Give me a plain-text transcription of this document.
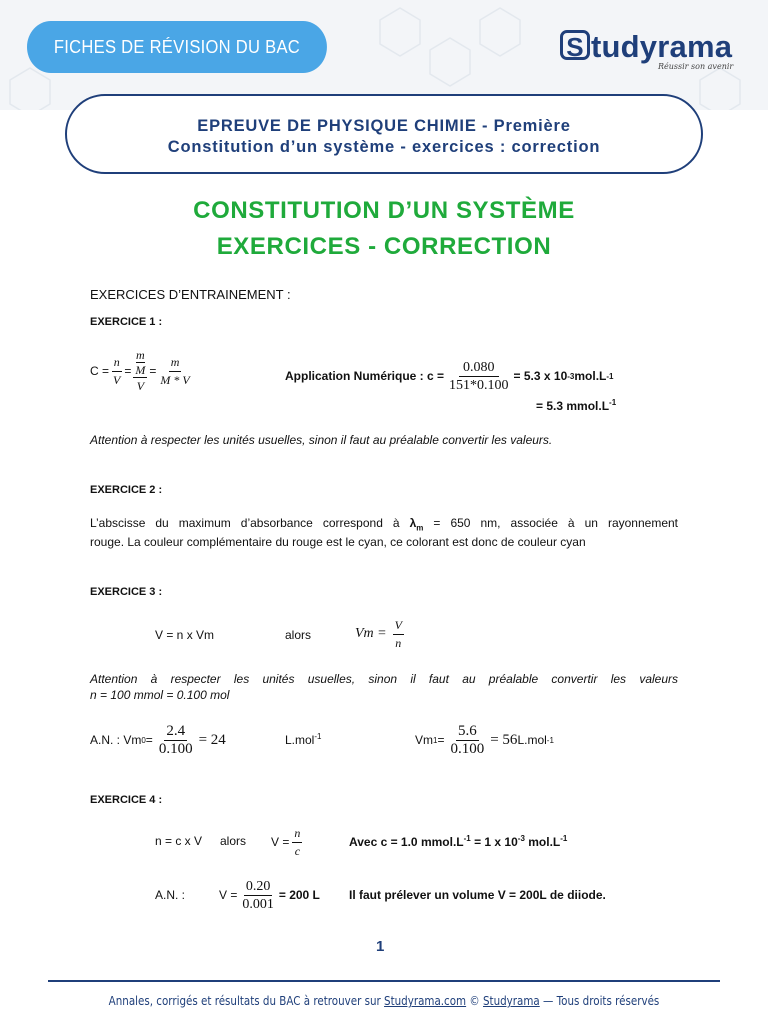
FICHES DE RÉVISION DU BAC	S tudyrama
Réussir son avenir
EPREUVE DE PHYSIQUE CHIMIE - Première
Constitution d’un système - exercices : correction
CONSTITUTION D’UN SYSTÈME
EXERCICES - CORRECTION
EXERCICES D’ENTRAINEMENT :
EXERCICE 1 :
$C = \frac{n}{V} = m$
M
$V = \frac{m}{M * V}$	Application Numérique : $c = \frac{0.080}{151*0.100} = 5.3$ x 10 -3 mol.L -1
= 5.3 $mmol.L^{-1}$
Attention à respecter les unités usuelles, sinon il faut au préalable convertir les valeurs.
EXERCICE 2 :
L’abscisse du maximum d’absorbance correspond à $\lambda_m = 650$ nm, associée à un rayonnement
rouge. La couleur complémentaire du rouge est le cyan, ce colorant est donc de couleur cyan
EXERCICE 3 :
V = n x Vm	alors	$Vm = \frac{V}{n}$
Attention à respecter les unités usuelles, sinon il faut au préalable convertir les valeurs
n = 100 mmol = 0.100 mol
A.N. : Vm $0 = \frac{2.4}{0.100} = 24$	L.mol$^{-1}$	Vm $1 = \frac{5.6}{0.100} = 56$ L.mol -1
EXERCICE 4 :
n = c x V alors $V = \frac{n}{c}$	Avec c = 1.0 $mmol.L^{-1} = 1$ x $10^{-3}$ $mol.L^{-1}$
A.N. :	$V = \frac{0.20}{0.001} = 200$ L Il faut prélever un volume V = 200L de diiode.
1
Annales, corrigés et résultats du BAC à retrouver sur Studyrama.com © Studyrama — Tous droits réservés
